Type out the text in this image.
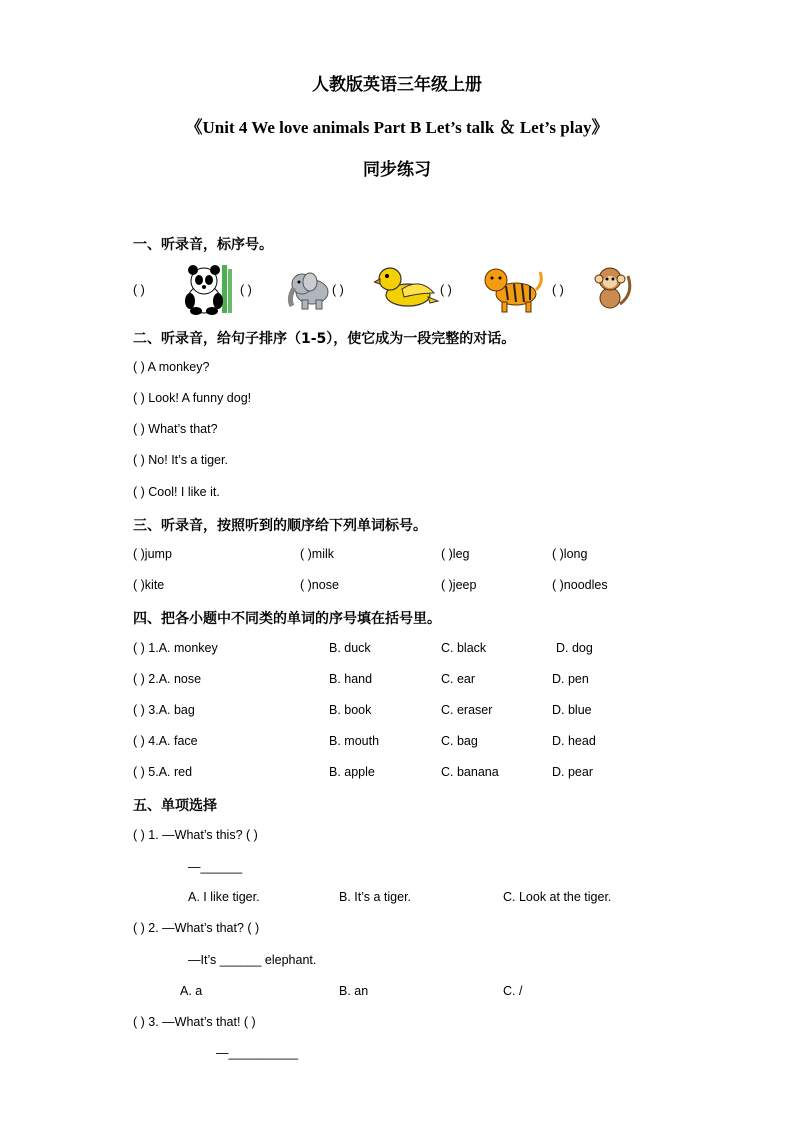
人教版英语三年级上册
《Unit 4 We love animals Part B Let’s talk ＆ Let’s play》
同步练习
一、听录音，标序号。
( )	( )	( )	( )	( )
二、听录音，给句子排序（1-5），使它成为一段完整的对话。
( ) A monkey?
( ) Look! A funny dog!
( ) What’s that?
( ) No! It’s a tiger.
( ) Cool! I like it.
三、听录音，按照听到的顺序给下列单词标号。
( )jump	( )milk	( )leg	( )long
( )kite	( )nose	( )jeep	( )noodles
四、把各小题中不同类的单词的序号填在括号里。
( ) 1.A. monkey	B. duck	C. black	D. dog
( ) 2.A. nose	B. hand	C. ear	D. pen
( ) 3.A. bag	B. book	C. eraser	D. blue
( ) 4.A. face	B. mouth	C. bag	D. head
( ) 5.A. red	B. apple	C. banana	D. pear
五、单项选择
( ) 1. —What’s this? ( )
—______
A. I like tiger.	B. It’s a tiger.	C. Look at the tiger.
( ) 2. —What’s that? ( )
—It’s ______ elephant.
A. a	B. an	C. /
( ) 3. —What’s that! ( )
—__________
